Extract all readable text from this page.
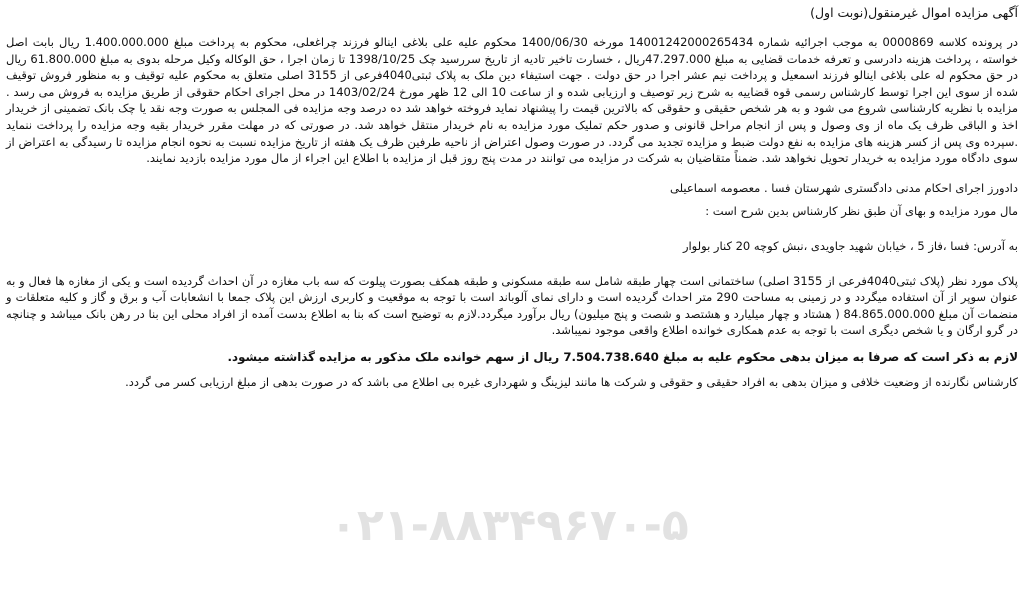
۰۲۱-۸۸۳۴۹۶۷۰-۵
آگهی مزایده اموال غیرمنقول(نوبت اول)

در پرونده کلاسه 0000869 به موجب اجرائیه شماره 14001242000265434 مورخه 1400/06/30 محکوم علیه علی بلاغی اینالو فرزند چراغعلی، محکوم به پرداخت مبلغ 1.400.000.000 ریال بابت اصل خواسته ، پرداخت هزینه دادرسی و تعرفه خدمات قضایی به مبلغ 47.297.000ریال ، خسارت تاخیر تادیه از تاریخ سررسید چک 1398/10/25 تا زمان اجرا ، حق الوکاله وکیل مرحله بدوی به مبلغ 61.800.000 ریال در حق محکوم له علی بلاغی اینالو فرزند اسمعیل و پرداخت نیم عشر اجرا در حق دولت . جهت استیفاء دین ملک به پلاک ثبتی4040فرعی از 3155 اصلی متعلق به محکوم علیه توقیف و به منظور فروش توقیف شده از سوی این اجرا توسط کارشناس رسمی قوه قضاییه به شرح زیر توصیف و ارزیابی شده و از ساعت 10 الی 12 ظهر مورخ 1403/02/24 در محل اجرای احکام حقوقی از طریق مزایده به فروش می رسد . مزایده با نظریه کارشناسی شروع می شود و به هر شخص حقیقی و حقوقی که بالاترین قیمت را پیشنهاد نماید فروخته خواهد شد ده درصد وجه مزایده فی المجلس به صورت وجه نقد یا چک بانک تضمینی از خریدار اخذ و الباقی ظرف یک ماه از وی وصول و پس از انجام مراحل قانونی و صدور حکم تملیک مورد مزایده به نام خریدار منتقل خواهد شد. در صورتی که در مهلت مقرر خریدار بقیه وجه مزایده را پرداخت ننماید .سپرده وی پس از کسر هزینه های مزایده به نفع دولت ضبط و مزایده تجدید می گردد. در صورت وصول اعتراض از ناحیه طرفین ظرف یک هفته از تاریخ مزایده نسبت به نحوه انجام مزایده تا رسیدگی به اعتراض از سوی دادگاه مورد مزایده به خریدار تحویل نخواهد شد. ضمناً متقاضیان به شرکت در مزایده می توانند در مدت پنج روز قبل از مزایده با اطلاع این اجراء از مال مورد مزایده بازدید نمایند.

دادورز اجرای احکام مدنی دادگستری شهرستان فسا . معصومه اسماعیلی

مال مورد مزایده و بهای آن طبق نظر کارشناس بدین شرح است :

به آدرس: فسا ،فاز 5 ، خیابان شهید جاویدی ،نبش کوچه 20 کنار بولوار

پلاک مورد نظر (پلاک ثبتی4040فرعی از 3155 اصلی) ساختمانی است چهار طبقه شامل سه طبقه مسکونی و طبقه همکف بصورت پیلوت که سه باب مغازه در آن احداث گردیده است و یکی از مغازه ها فعال و به عنوان سوپر از آن استفاده میگردد و در زمینی به مساحت 290 متر احداث گردیده است و دارای نمای آلوباند است با توجه به موقعیت و کاربری ارزش این پلاک جمعا با انشعابات آب و برق و گاز و کلیه متعلقات و منضمات آن مبلغ 84.865.000.000 ( هشتاد و چهار میلیارد و هشتصد و شصت و پنج میلیون) ریال برآورد میگردد.لازم به توضیح است که بنا به اطلاع بدست آمده از افراد محلی این بنا در رهن بانک میباشد و چنانچه در گرو ارگان و یا شخص دیگری است با توجه به عدم همکاری خوانده اطلاع واقعی موجود نمیباشد.

لازم به ذکر است که صرفا به میزان بدهی محکوم علیه به مبلغ 7.504.738.640 ریال از سهم خوانده ملک مذکور به مزایده گذاشته میشود.

کارشناس نگارنده از وضعیت خلافی و میزان بدهی به افراد حقیقی و حقوقی و شرکت ها مانند لیزینگ و شهرداری غیره بی اطلاع می باشد که در صورت بدهی از مبلغ ارزیابی کسر می گردد.
